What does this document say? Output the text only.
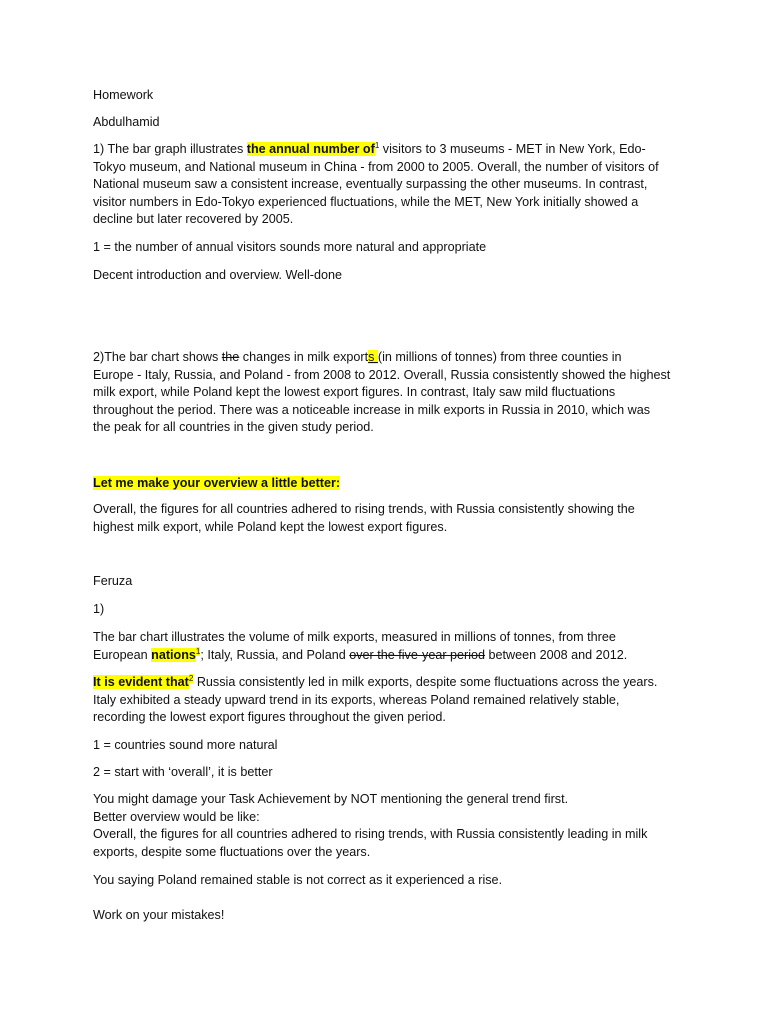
Homework

Abdulhamid

1) The bar graph illustrates the annual number $of^1$ visitors to 3 museums - MET in New York, Edo-
Tokyo museum, and National museum in China - from 2000 to 2005. Overall, the number of visitors of
National museum saw a consistent increase, eventually surpassing the other museums. In contrast,
visitor numbers in Edo-Tokyo experienced fluctuations, while the MET, New York initially showed a
decline but later recovered by 2005.

1 = the number of annual visitors sounds more natural and appropriate

Decent introduction and overview. Well-done

2)The bar chart shows the changes in milk exports (in millions of tonnes) from three counties in
Europe - Italy, Russia, and Poland - from 2008 to 2012. Overall, Russia consistently showed the highest
milk export, while Poland kept the lowest export figures. In contrast, Italy saw mild fluctuations
throughout the period. There was a noticeable increase in milk exports in Russia in 2010, which was
the peak for all countries in the given study period.

Let me make your overview a little better:

Overall, the figures for all countries adhered to rising trends, with Russia consistently showing the
highest milk export, while Poland kept the lowest export figures.

Feruza

1)

The bar chart illustrates the volume of milk exports, measured in millions of tonnes, from three
European nations$^1$; Italy, Russia, and Poland over the five-year period between 2008 and 2012.
It is evident that$^2$ Russia consistently led in milk exports, despite some fluctuations across the years.
Italy exhibited a steady upward trend in its exports, whereas Poland remained relatively stable,
recording the lowest export figures throughout the given period.

1 = countries sound more natural

2 = start with ‘overall’, it is better

You might damage your Task Achievement by NOT mentioning the general trend first.
Better overview would be like:
Overall, the figures for all countries adhered to rising trends, with Russia consistently leading in milk
exports, despite some fluctuations over the years.

You saying Poland remained stable is not correct as it experienced a rise.

Work on your mistakes!
